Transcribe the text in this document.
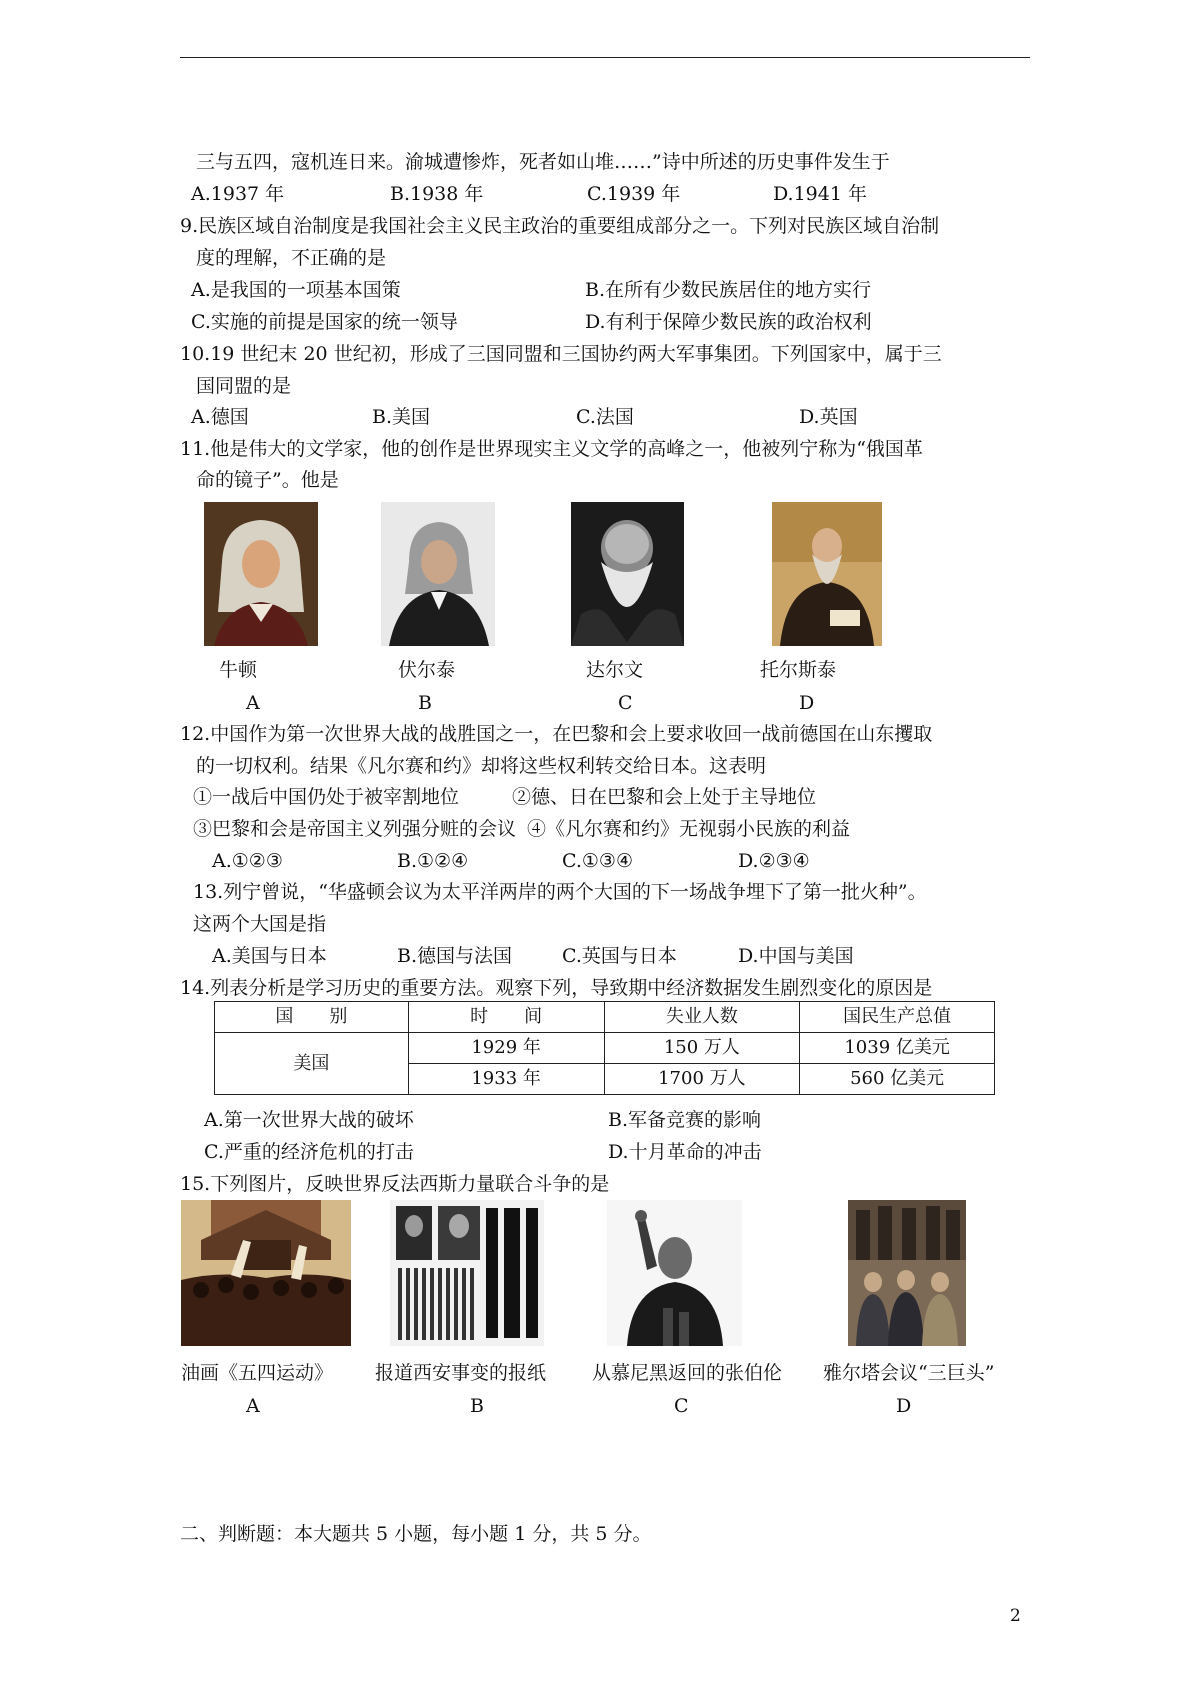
三与五四，寇机连日来。渝城遭惨炸，死者如山堆……”诗中所述的历史事件发生于
A.1937 年	B.1938 年	C.1939 年	D.1941 年
9.民族区域自治制度是我国社会主义民主政治的重要组成部分之一。下列对民族区域自治制
度的理解，不正确的是
A.是我国的一项基本国策	B.在所有少数民族居住的地方实行
C.实施的前提是国家的统一领导	D.有利于保障少数民族的政治权利
10.19 世纪末 20 世纪初，形成了三国同盟和三国协约两大军事集团。下列国家中，属于三
国同盟的是
A.德国	B.美国	C.法国	D.英国
11.他是伟大的文学家，他的创作是世界现实主义文学的高峰之一，他被列宁称为“俄国革
命的镜子”。他是
牛顿	伏尔泰	达尔文	托尔斯泰
A	B	C	D
12.中国作为第一次世界大战的战胜国之一，在巴黎和会上要求收回一战前德国在山东攫取
的一切权利。结果《凡尔赛和约》却将这些权利转交给日本。这表明
①一战后中国仍处于被宰割地位	②德、日在巴黎和会上处于主导地位
③巴黎和会是帝国主义列强分赃的会议 ④《凡尔赛和约》无视弱小民族的利益
A.①②③	B.①②④	C.①③④	D.②③④
13.列宁曾说，“华盛顿会议为太平洋两岸的两个大国的下一场战争埋下了第一批火种”。
这两个大国是指
A.美国与日本	B.德国与法国	C.英国与日本	D.中国与美国
14.列表分析是学习历史的重要方法。观察下列，导致期中经济数据发生剧烈变化的原因是
国　　别	时　　间	失业人数	国民生产总值
美国	1929 年	150 万人	1039 亿美元
	1933 年	1700 万人	560 亿美元
A.第一次世界大战的破坏	B.军备竞赛的影响
C.严重的经济危机的打击	D.十月革命的冲击
15.下列图片，反映世界反法西斯力量联合斗争的是
油画《五四运动》	报道西安事变的报纸	从慕尼黑返回的张伯伦	雅尔塔会议“三巨头”
A	B	C	D
二、判断题：本大题共 5 小题，每小题 1 分，共 5 分。
2
